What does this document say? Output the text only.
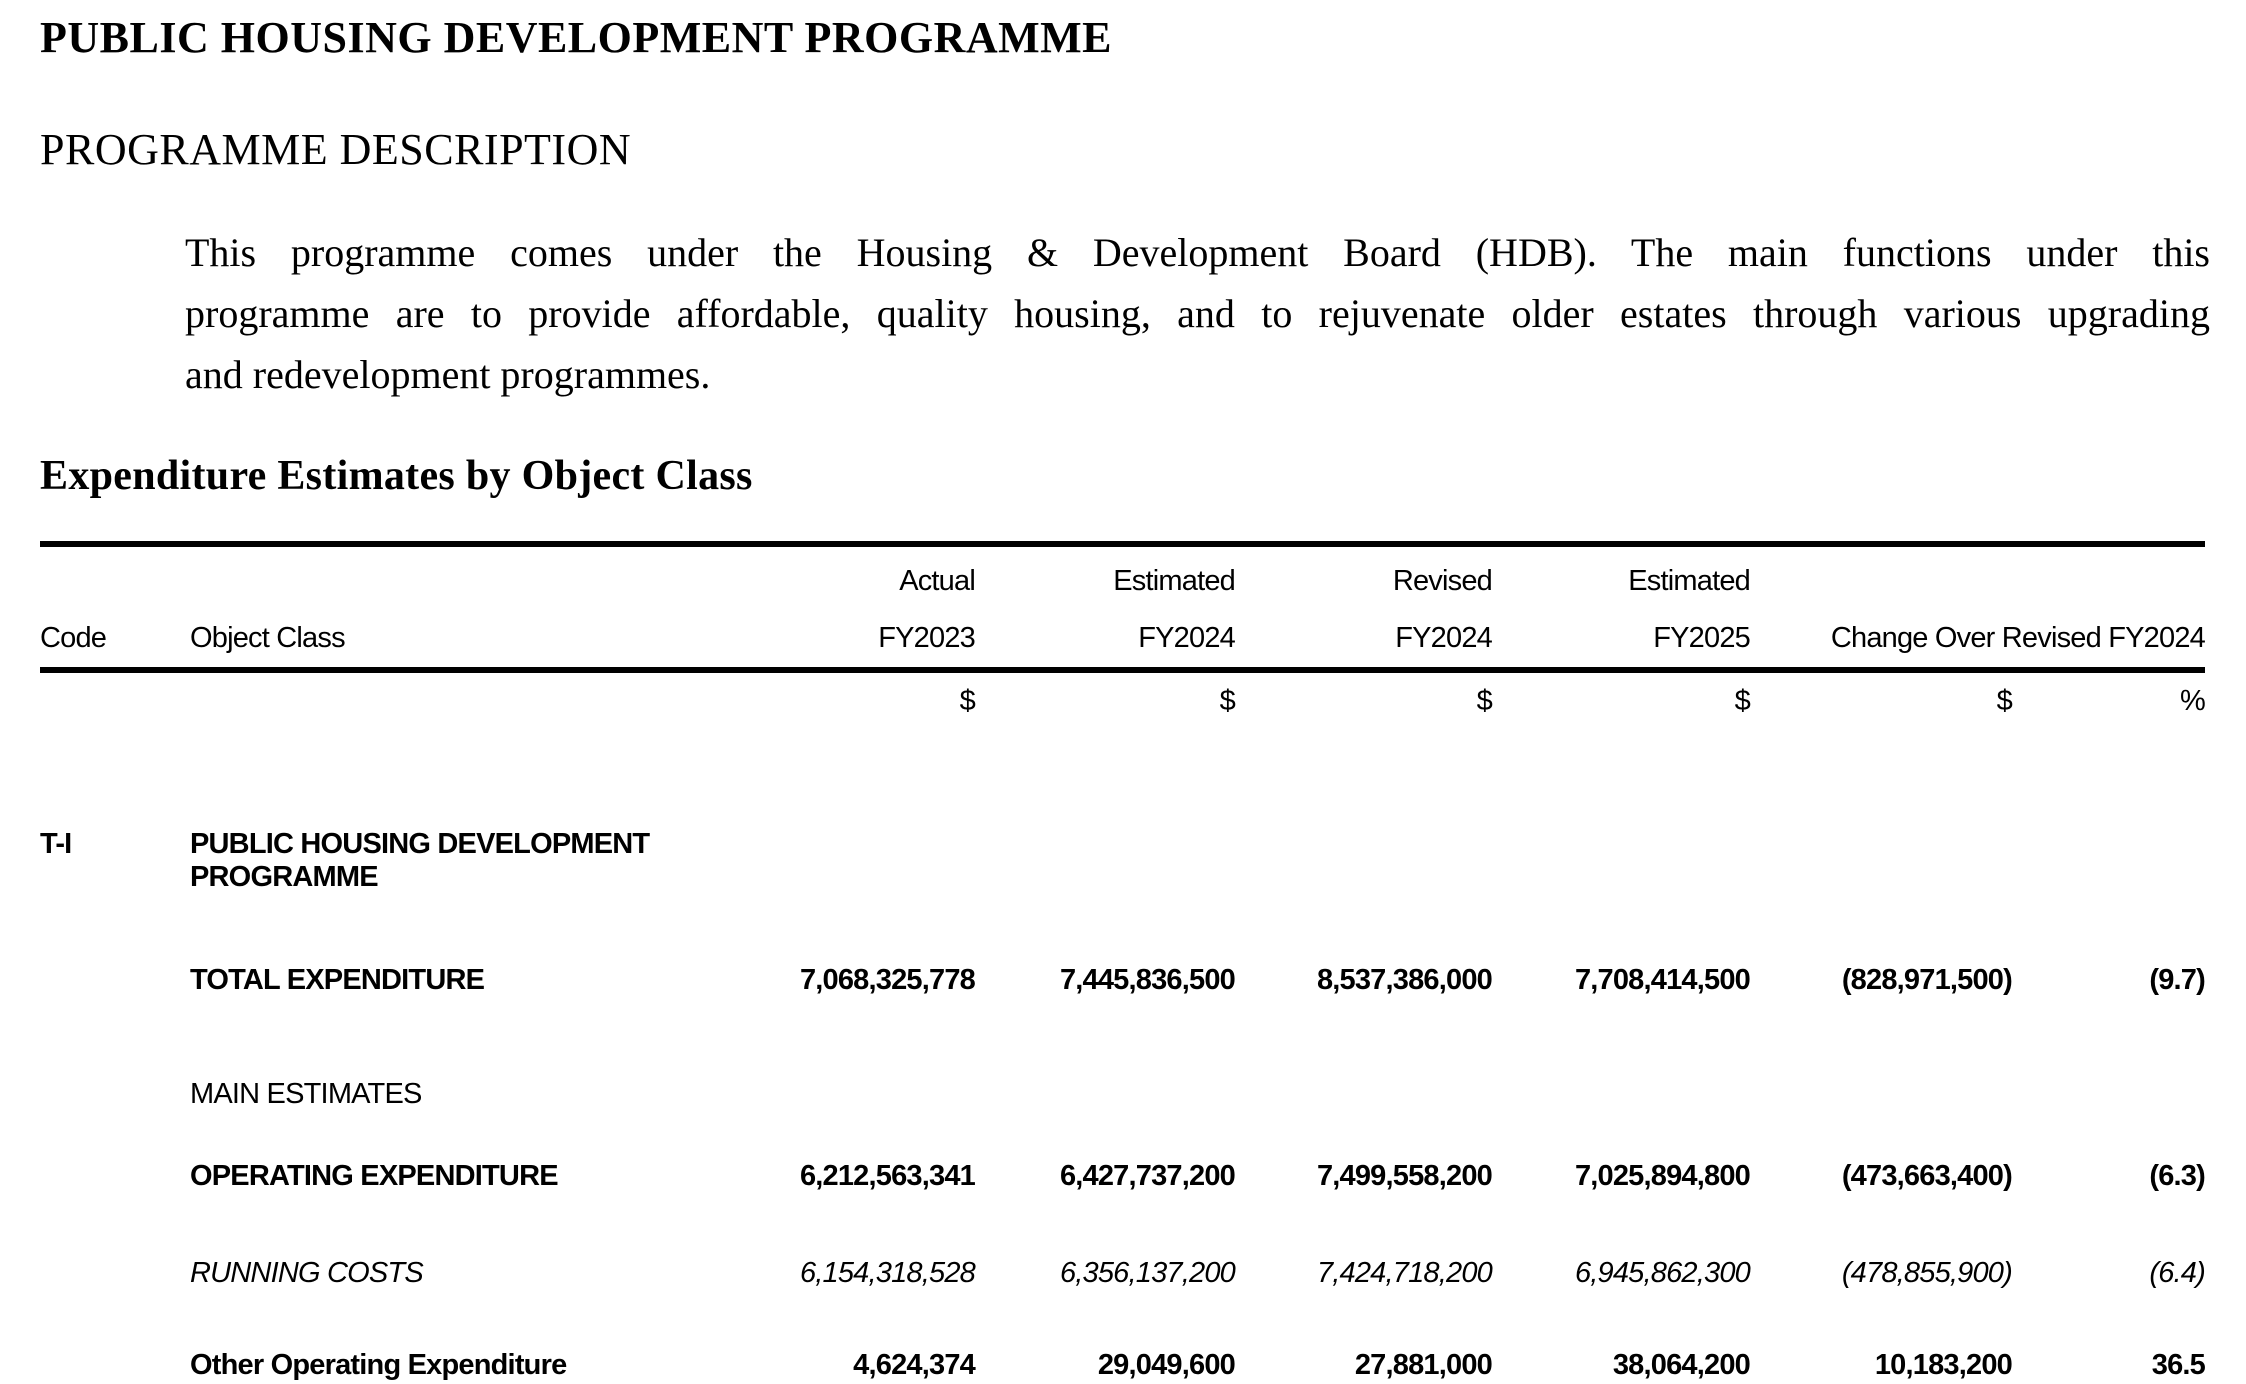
PUBLIC HOUSING DEVELOPMENT PROGRAMME
PROGRAMME DESCRIPTION
This programme comes under the Housing & Development Board (HDB). The main functions under this
programme are to provide affordable, quality housing, and to rejuvenate older estates through various upgrading
and redevelopment programmes.
Expenditure Estimates by Object Class
		Actual	Estimated	Revised	Estimated		
Code	Object Class	FY2023	FY2024	FY2024	FY2025	Change Over Revised FY2024	
		$	$	$	$	$	%
T-I	PUBLIC HOUSING DEVELOPMENT
PROGRAMME						

	TOTAL EXPENDITURE	7,068,325,778	7,445,836,500	8,537,386,000	7,708,414,500	(828,971,500)	(9.7)
	MAIN ESTIMATES						
	OPERATING EXPENDITURE	6,212,563,341	6,427,737,200	7,499,558,200	7,025,894,800	(473,663,400)	(6.3)
	RUNNING COSTS	6,154,318,528	6,356,137,200	7,424,718,200	6,945,862,300	(478,855,900)	(6.4)
	Other Operating Expenditure	4,624,374	29,049,600	27,881,000	38,064,200	10,183,200	36.5
